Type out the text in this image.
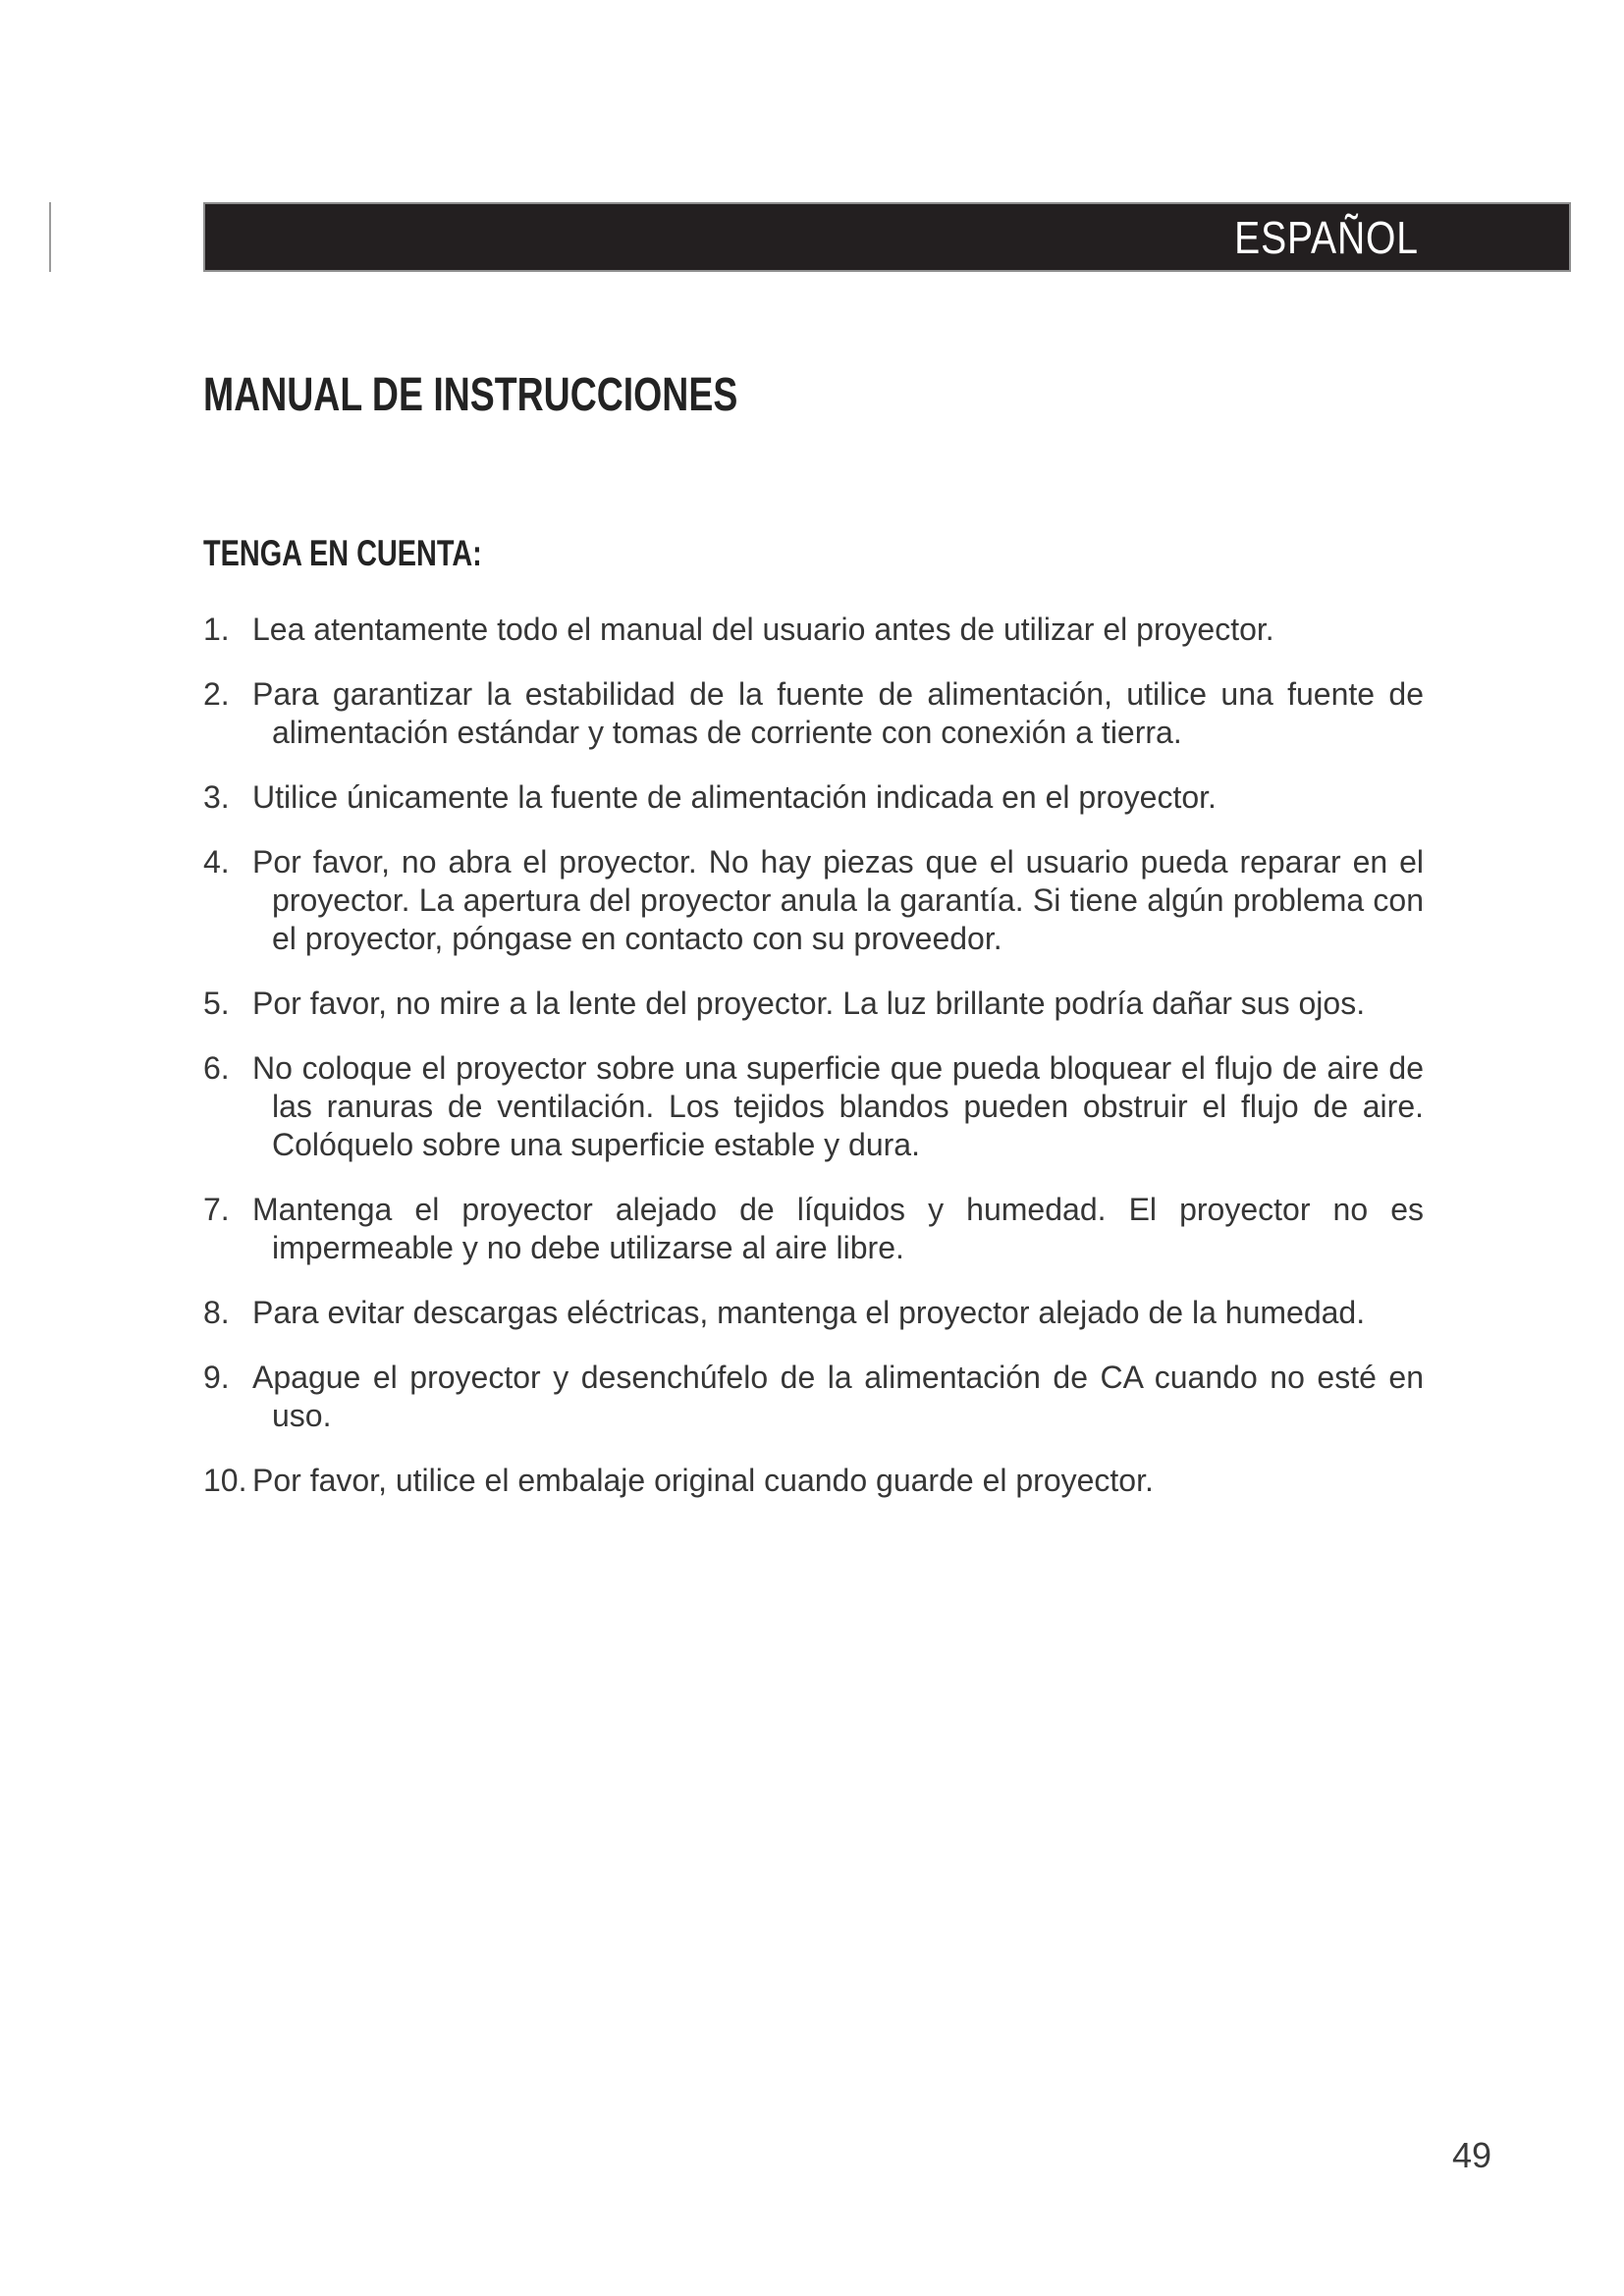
ESPAÑOL
MANUAL DE INSTRUCCIONES
TENGA EN CUENTA:
1. Lea atentamente todo el manual del usuario antes de utilizar el proyector.
2. Para garantizar la estabilidad de la fuente de alimentación, utilice una fuente de alimentación estándar y tomas de corriente con conexión a tierra.
3. Utilice únicamente la fuente de alimentación indicada en el proyector.
4. Por favor, no abra el proyector. No hay piezas que el usuario pueda reparar en el proyector. La apertura del proyector anula la garantía. Si tiene algún problema con el proyector, póngase en contacto con su proveedor.
5. Por favor, no mire a la lente del proyector. La luz brillante podría dañar sus ojos.
6. No coloque el proyector sobre una superficie que pueda bloquear el flujo de aire de las ranuras de ventilación. Los tejidos blandos pueden obstruir el flujo de aire. Colóquelo sobre una superficie estable y dura.
7. Mantenga el proyector alejado de líquidos y humedad. El proyector no es impermeable y no debe utilizarse al aire libre.
8. Para evitar descargas eléctricas, mantenga el proyector alejado de la humedad.
9. Apague el proyector y desenchúfelo de la alimentación de CA cuando no esté en uso.
10. Por favor, utilice el embalaje original cuando guarde el proyector.
49
